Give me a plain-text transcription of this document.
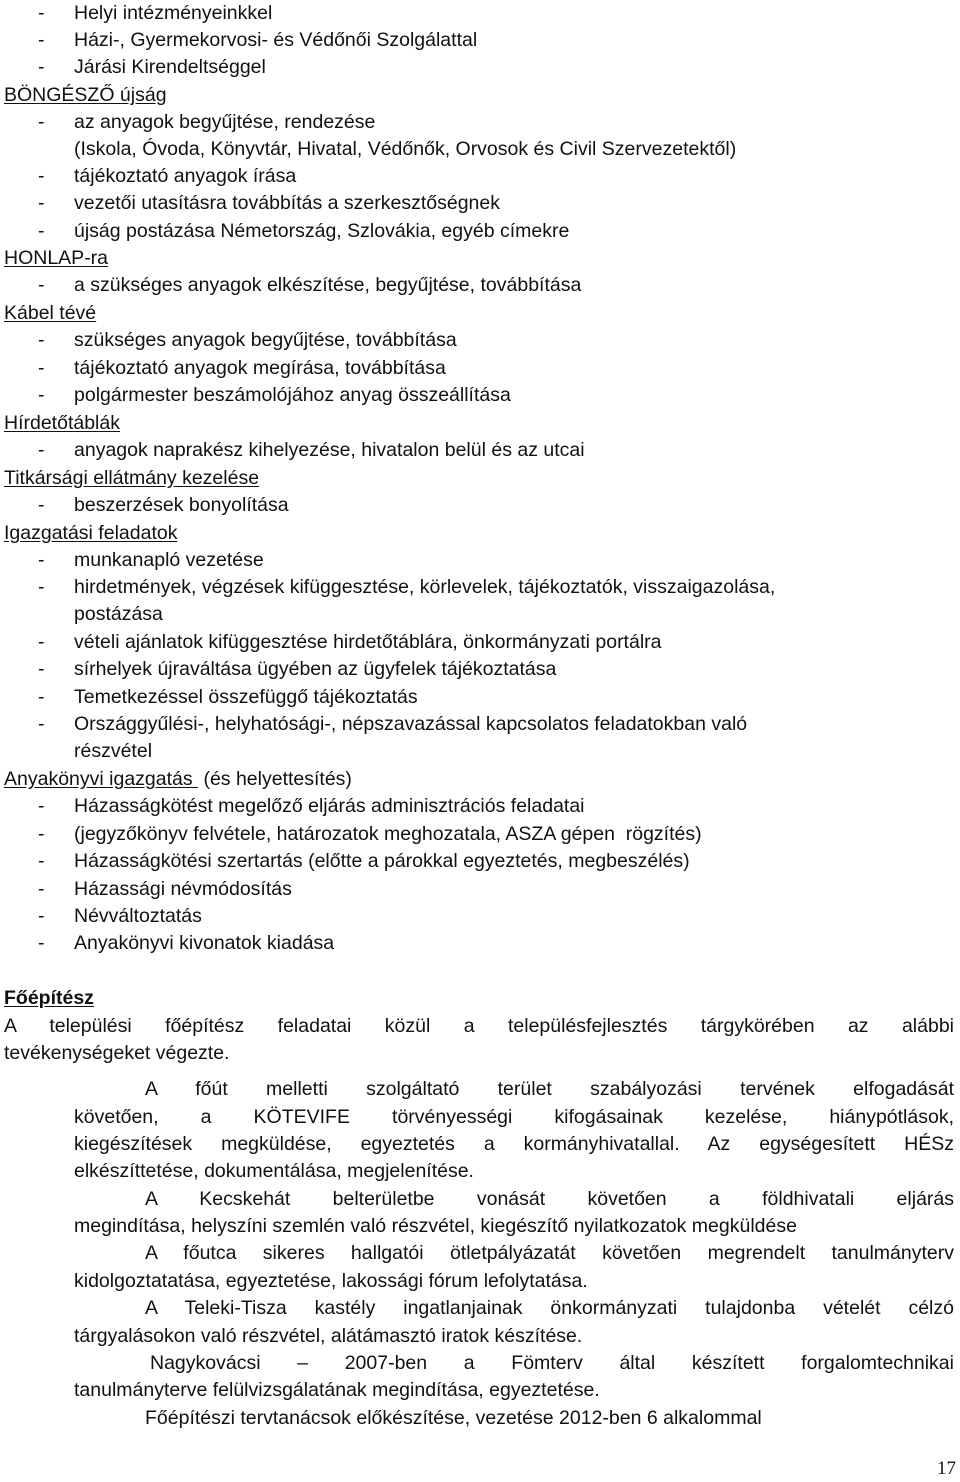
- Helyi intézményeinkkel
- Házi-, Gyermekorvosi- és Védőnői Szolgálattal
- Járási Kirendeltséggel
BÖNGÉSZŐ újság
- az anyagok begyűjtése, rendezése
(Iskola, Óvoda, Könyvtár, Hivatal, Védőnők, Orvosok és Civil Szervezetektől)
- tájékoztató anyagok írása
- vezetői utasításra továbbítás a szerkesztőségnek
- újság postázása Németország, Szlovákia, egyéb címekre
HONLAP-ra
- a szükséges anyagok elkészítése, begyűjtése, továbbítása
Kábel tévé
- szükséges anyagok begyűjtése, továbbítása
- tájékoztató anyagok megírása, továbbítása
- polgármester beszámolójához anyag összeállítása
Hírdetőtáblák
- anyagok naprakész kihelyezése, hivatalon belül és az utcai
Titkársági ellátmány kezelése
- beszerzések bonyolítása
Igazgatási feladatok
- munkanapló vezetése
- hirdetmények, végzések kifüggesztése, körlevelek, tájékoztatók, visszaigazolása,
postázása
- vételi ajánlatok kifüggesztése hirdetőtáblára, önkormányzati portálra
- sírhelyek újraváltása ügyében az ügyfelek tájékoztatása
- Temetkezéssel összefüggő tájékoztatás
- Országgyűlési-, helyhatósági-, népszavazással kapcsolatos feladatokban való
részvétel
Anyakönyvi igazgatás  (és helyettesítés)
- Házasságkötést megelőző eljárás adminisztrációs feladatai
- (jegyzőkönyv felvétele, határozatok meghozatala, ASZA gépen  rögzítés)
- Házasságkötési szertartás (előtte a párokkal egyeztetés, megbeszélés)
- Házassági névmódosítás
- Névváltoztatás
- Anyakönyvi kivonatok kiadása
Főépítész
A települési főépítész feladatai közül a településfejlesztés tárgykörében az alábbi
tevékenységeket végezte.
A főút melletti szolgáltató terület szabályozási tervének elfogadását
követően, a KÖTEVIFE törvényességi kifogásainak kezelése, hiánypótlások,
kiegészítések megküldése, egyeztetés a kormányhivatallal. Az egységesített HÉSz
elkészíttetése, dokumentálása, megjelenítése.
A Kecskehát belterületbe vonását követően a földhivatali eljárás
megindítása, helyszíni szemlén való részvétel, kiegészítő nyilatkozatok megküldése
A főutca sikeres hallgatói ötletpályázatát követően megrendelt tanulmányterv
kidolgoztatatása, egyeztetése, lakossági fórum lefolytatása.
A Teleki-Tisza kastély ingatlanjainak önkormányzati tulajdonba vételét célzó
tárgyalásokon való részvétel, alátámasztó iratok készítése.
Nagykovácsi – 2007-ben a Fömterv által készített forgalomtechnikai
tanulmányterve felülvizsgálatának megindítása, egyeztetése.
Főépítészi tervtanácsok előkészítése, vezetése 2012-ben 6 alkalommal
17
